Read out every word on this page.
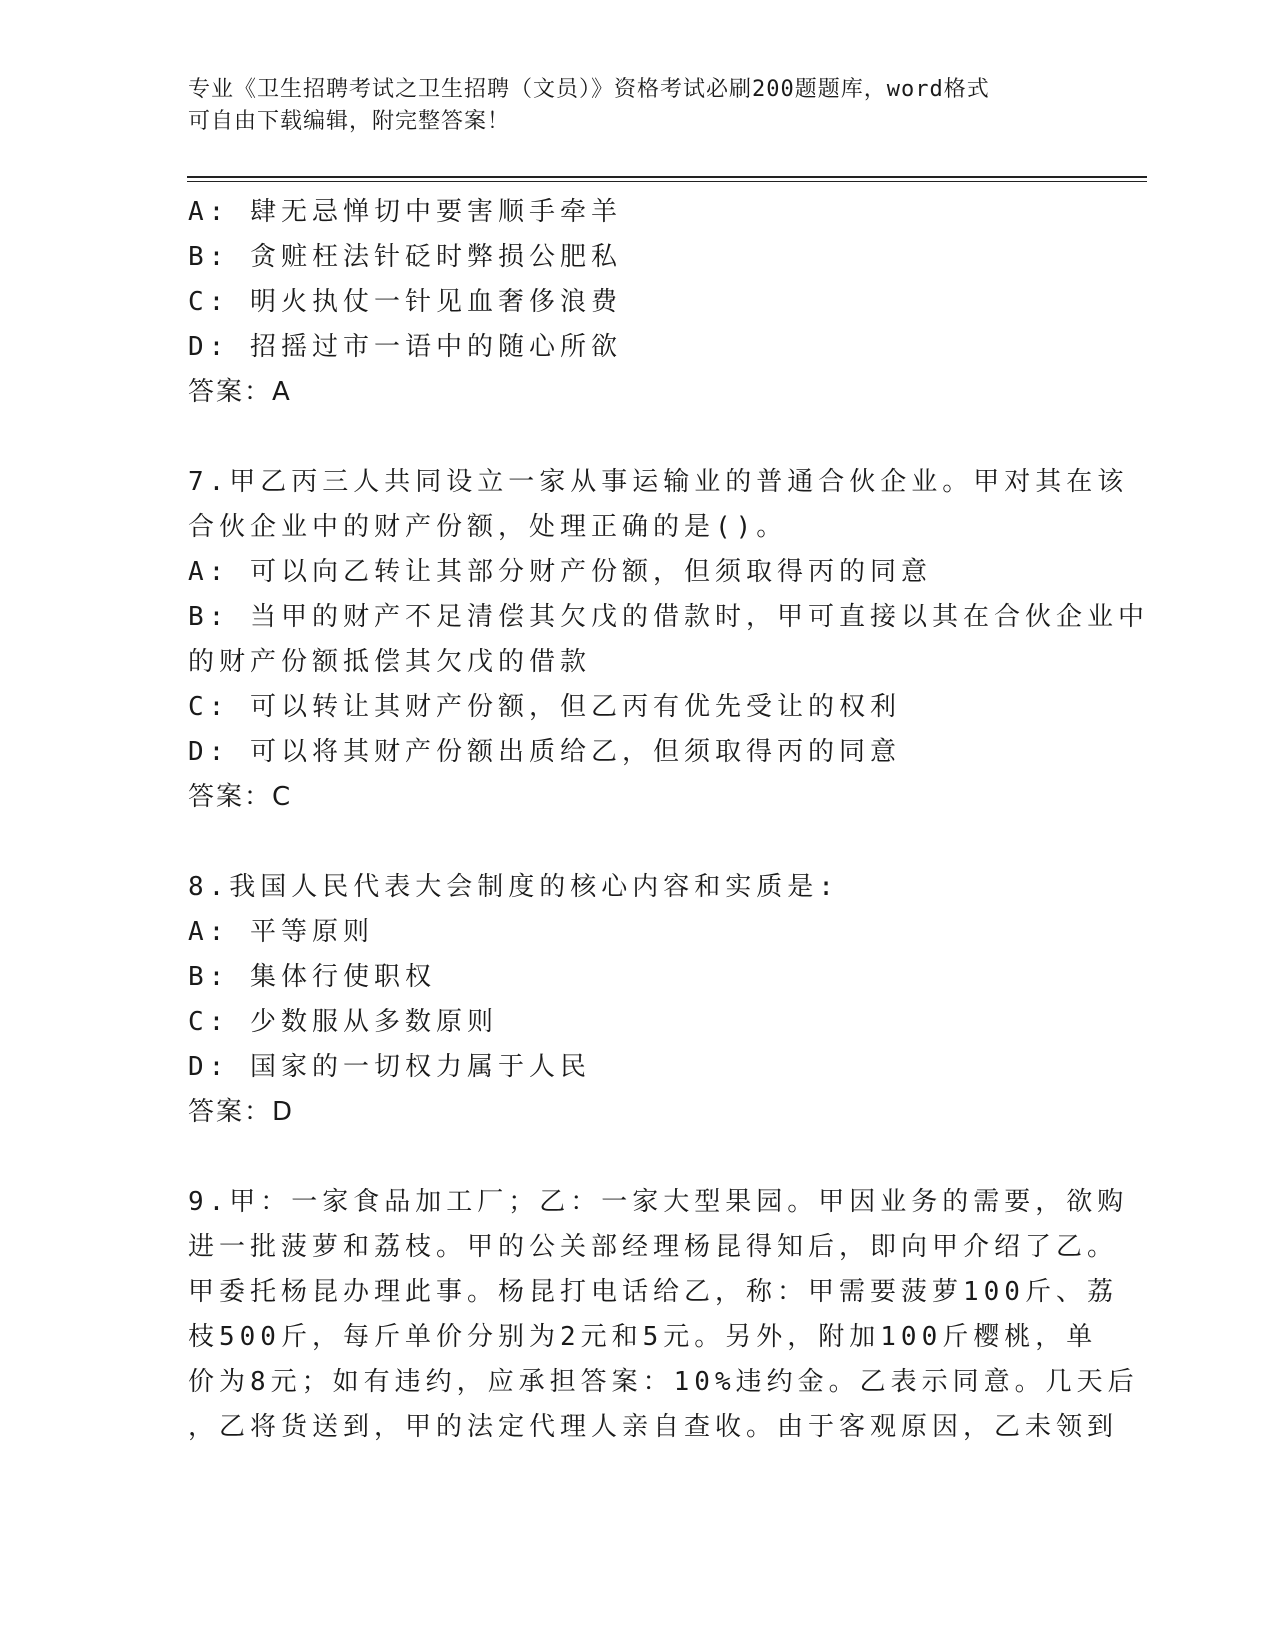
专业《卫生招聘考试之卫生招聘（文员）》资格考试必刷200题题库，word格式
可自由下载编辑，附完整答案！
A: 肆无忌惮切中要害顺手牵羊
B: 贪赃枉法针砭时弊损公肥私
C: 明火执仗一针见血奢侈浪费
D: 招摇过市一语中的随心所欲
答案：A
7.甲乙丙三人共同设立一家从事运输业的普通合伙企业。甲对其在该
合伙企业中的财产份额，处理正确的是()。
A: 可以向乙转让其部分财产份额，但须取得丙的同意
B: 当甲的财产不足清偿其欠戊的借款时，甲可直接以其在合伙企业中
的财产份额抵偿其欠戊的借款
C: 可以转让其财产份额，但乙丙有优先受让的权利
D: 可以将其财产份额出质给乙，但须取得丙的同意
答案：C
8.我国人民代表大会制度的核心内容和实质是:
A: 平等原则
B: 集体行使职权
C: 少数服从多数原则
D: 国家的一切权力属于人民
答案：D
9.甲：一家食品加工厂；乙：一家大型果园。甲因业务的需要，欲购
进一批菠萝和荔枝。甲的公关部经理杨昆得知后，即向甲介绍了乙。
甲委托杨昆办理此事。杨昆打电话给乙，称：甲需要菠萝100斤、荔
枝500斤，每斤单价分别为2元和5元。另外，附加100斤樱桃，单
价为8元；如有违约，应承担答案：10%违约金。乙表示同意。几天后
，乙将货送到，甲的法定代理人亲自查收。由于客观原因，乙未领到
